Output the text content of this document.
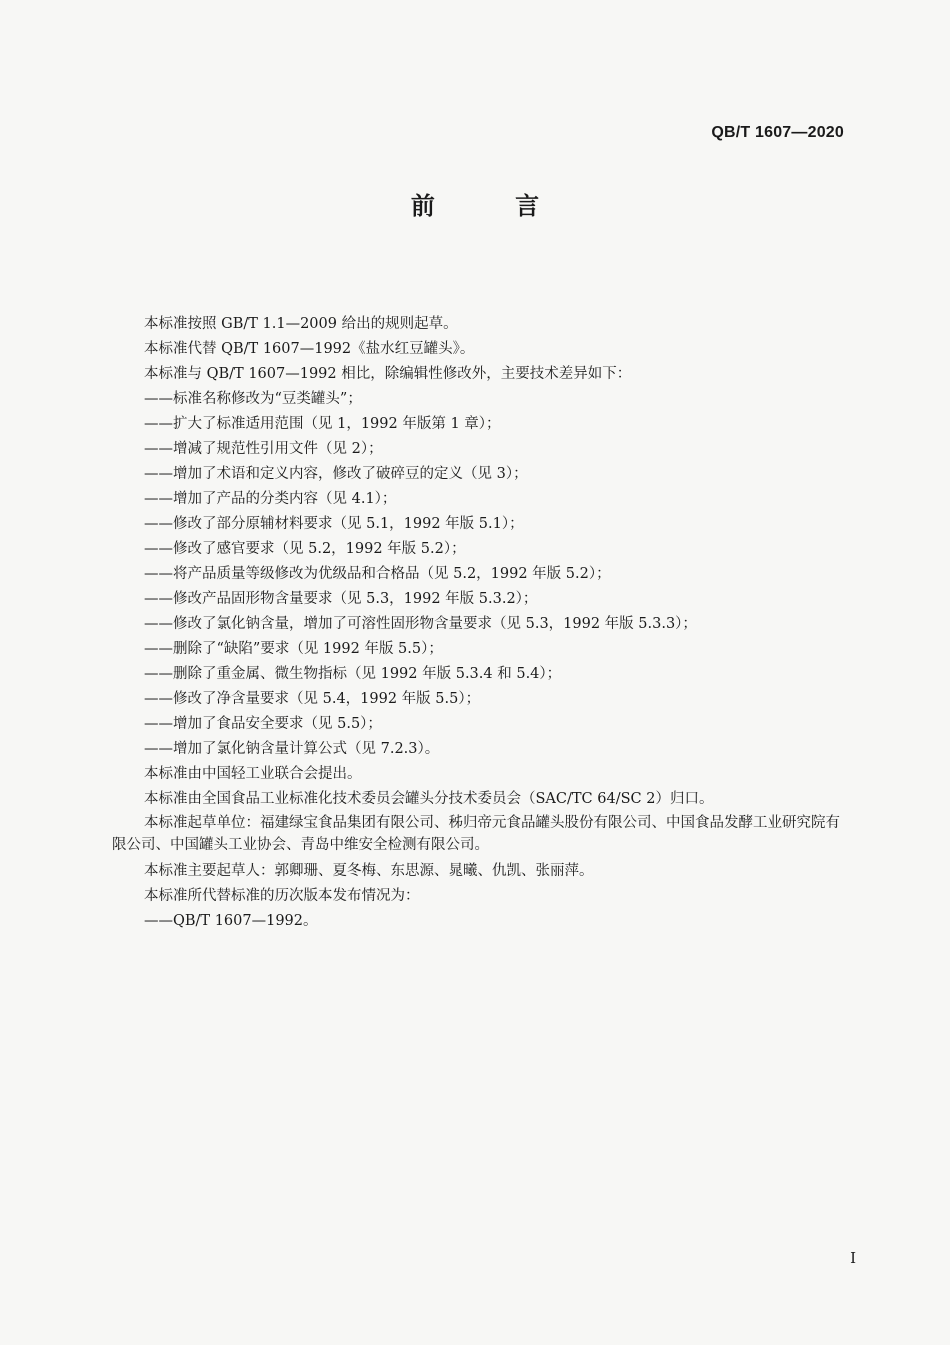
QB/T 1607—2020
前 言

本标准按照 GB/T 1.1—2009 给出的规则起草。

本标准代替 QB/T 1607—1992《盐水红豆罐头》。

本标准与 QB/T 1607—1992 相比，除编辑性修改外，主要技术差异如下：

——标准名称修改为“豆类罐头”；

——扩大了标准适用范围（见 1，1992 年版第 1 章）；

——增减了规范性引用文件（见 2）；

——增加了术语和定义内容，修改了破碎豆的定义（见 3）；

——增加了产品的分类内容（见 4.1）；

——修改了部分原辅材料要求（见 5.1，1992 年版 5.1）；

——修改了感官要求（见 5.2，1992 年版 5.2）；

——将产品质量等级修改为优级品和合格品（见 5.2，1992 年版 5.2）；

——修改产品固形物含量要求（见 5.3，1992 年版 5.3.2）；

——修改了氯化钠含量，增加了可溶性固形物含量要求（见 5.3，1992 年版 5.3.3）；

——删除了“缺陷”要求（见 1992 年版 5.5）；

——删除了重金属、微生物指标（见 1992 年版 5.3.4 和 5.4）；

——修改了净含量要求（见 5.4，1992 年版 5.5）；

——增加了食品安全要求（见 5.5）；

——增加了氯化钠含量计算公式（见 7.2.3）。

本标准由中国轻工业联合会提出。

本标准由全国食品工业标准化技术委员会罐头分技术委员会（SAC/TC 64/SC 2）归口。

本标准起草单位：福建绿宝食品集团有限公司、秭归帝元食品罐头股份有限公司、中国食品发酵工业研究院有限公司、中国罐头工业协会、青岛中维安全检测有限公司。

本标准主要起草人：郭卿珊、夏冬梅、东思源、晁曦、仇凯、张丽萍。

本标准所代替标准的历次版本发布情况为：

——QB/T 1607—1992。

I
